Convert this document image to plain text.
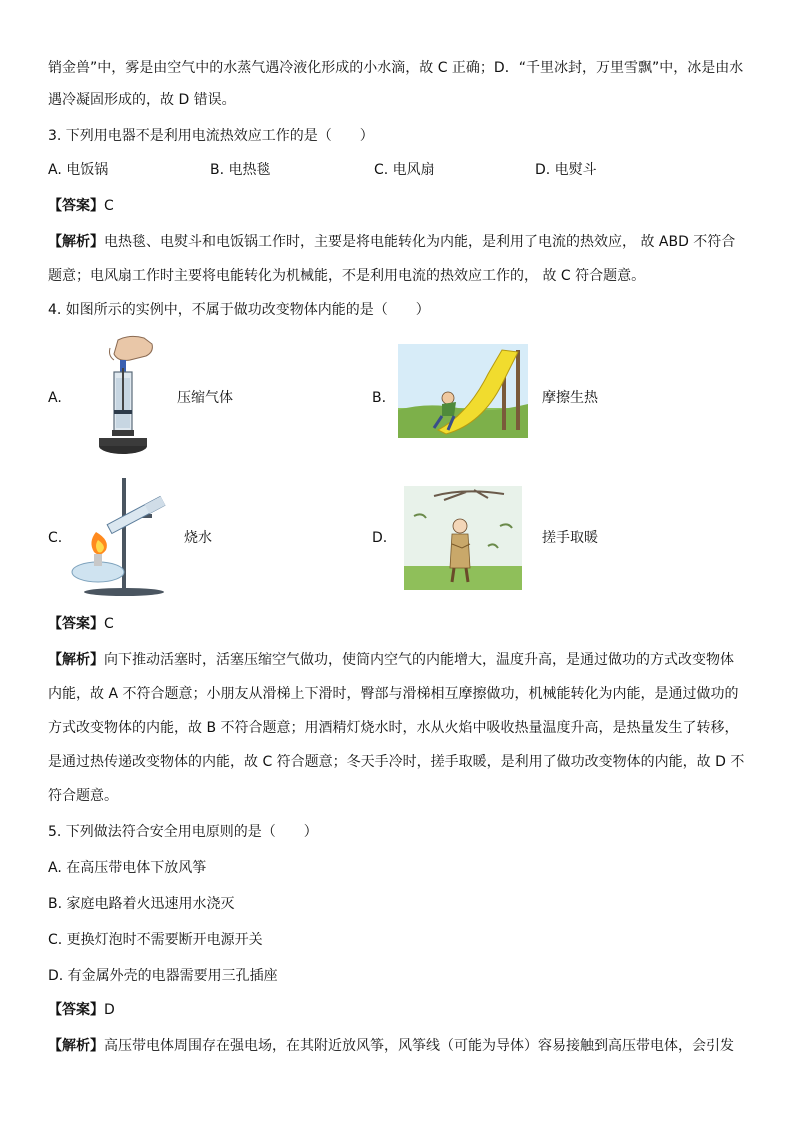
销金兽”中，雾是由空气中的水蒸气遇冷液化形成的小水滴，故 C 正确；D．“千里冰封，万里雪飘”中，冰是由水
遇冷凝固形成的，故 D 错误。
3. 下列用电器不是利用电流热效应工作的是（　　）
A. 电饭锅	B. 电热毯	C. 电风扇	D. 电熨斗
【答案】C
【解析】电热毯、电熨斗和电饭锅工作时，主要是将电能转化为内能，是利用了电流的热效应， 故 ABD 不符合
题意；电风扇工作时主要将电能转化为机械能，不是利用电流的热效应工作的， 故 C 符合题意。
4. 如图所示的实例中，不属于做功改变物体内能的是（　　）
A.	压缩气体	B.	摩擦生热
C.	烧水	D.	搓手取暖
【答案】C
【解析】向下推动活塞时，活塞压缩空气做功，使筒内空气的内能增大，温度升高，是通过做功的方式改变物体
内能，故 A 不符合题意；小朋友从滑梯上下滑时，臀部与滑梯相互摩擦做功，机械能转化为内能，是通过做功的
方式改变物体的内能，故 B 不符合题意；用酒精灯烧水时，水从火焰中吸收热量温度升高，是热量发生了转移，
是通过热传递改变物体的内能，故 C 符合题意；冬天手冷时，搓手取暖，是利用了做功改变物体的内能，故 D 不
符合题意。
5. 下列做法符合安全用电原则的是（　　）
A. 在高压带电体下放风筝
B. 家庭电路着火迅速用水浇灭
C. 更换灯泡时不需要断开电源开关
D. 有金属外壳的电器需要用三孔插座
【答案】D
【解析】高压带电体周围存在强电场，在其附近放风筝，风筝线（可能为导体）容易接触到高压带电体，会引发
